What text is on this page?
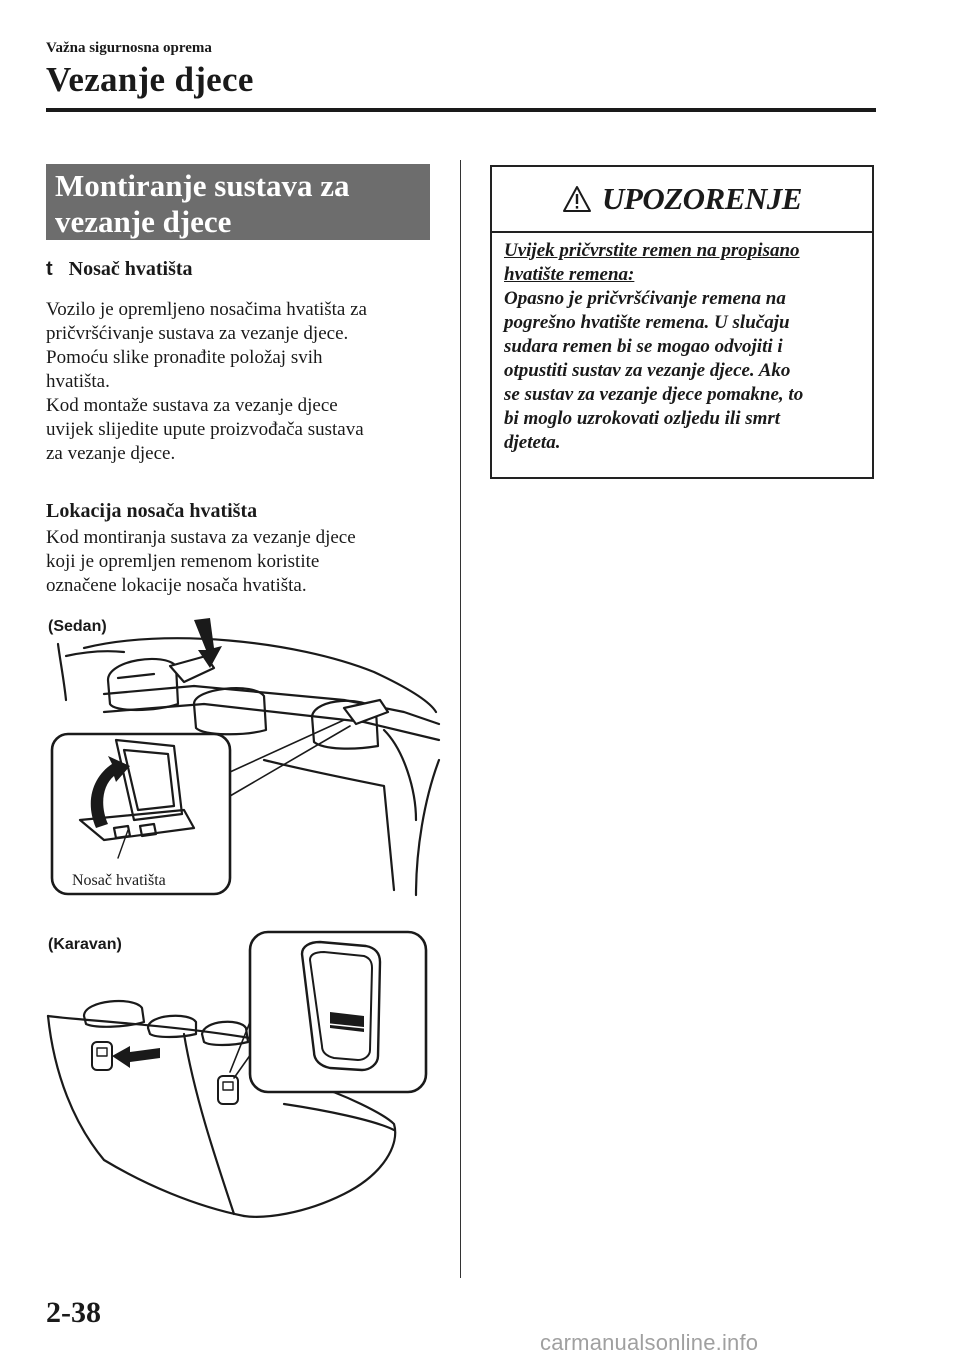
Važna sigurnosna oprema
Vezanje djece
Montiranje sustava za
vezanje djece
t Nosač hvatišta
Vozilo je opremljeno nosačima hvatišta za
pričvršćivanje sustava za vezanje djece.
Pomoću slike pronađite položaj svih
hvatišta.
Kod montaže sustava za vezanje djece
uvijek slijedite upute proizvođača sustava
za vezanje djece.
Lokacija nosača hvatišta
Kod montiranja sustava za vezanje djece
koji je opremljen remenom koristite
označene lokacije nosača hvatišta.
(Sedan)
Nosač hvatišta
(Karavan)
UPOZORENJE
Uvijek pričvrstite remen na propisano
hvatište remena:
Opasno je pričvršćivanje remena na
pogrešno hvatište remena. U slučaju
sudara remen bi se mogao odvojiti i
otpustiti sustav za vezanje djece. Ako
se sustav za vezanje djece pomakne, to
bi moglo uzrokovati ozljedu ili smrt
djeteta.
2-38
carmanualsonline.info
